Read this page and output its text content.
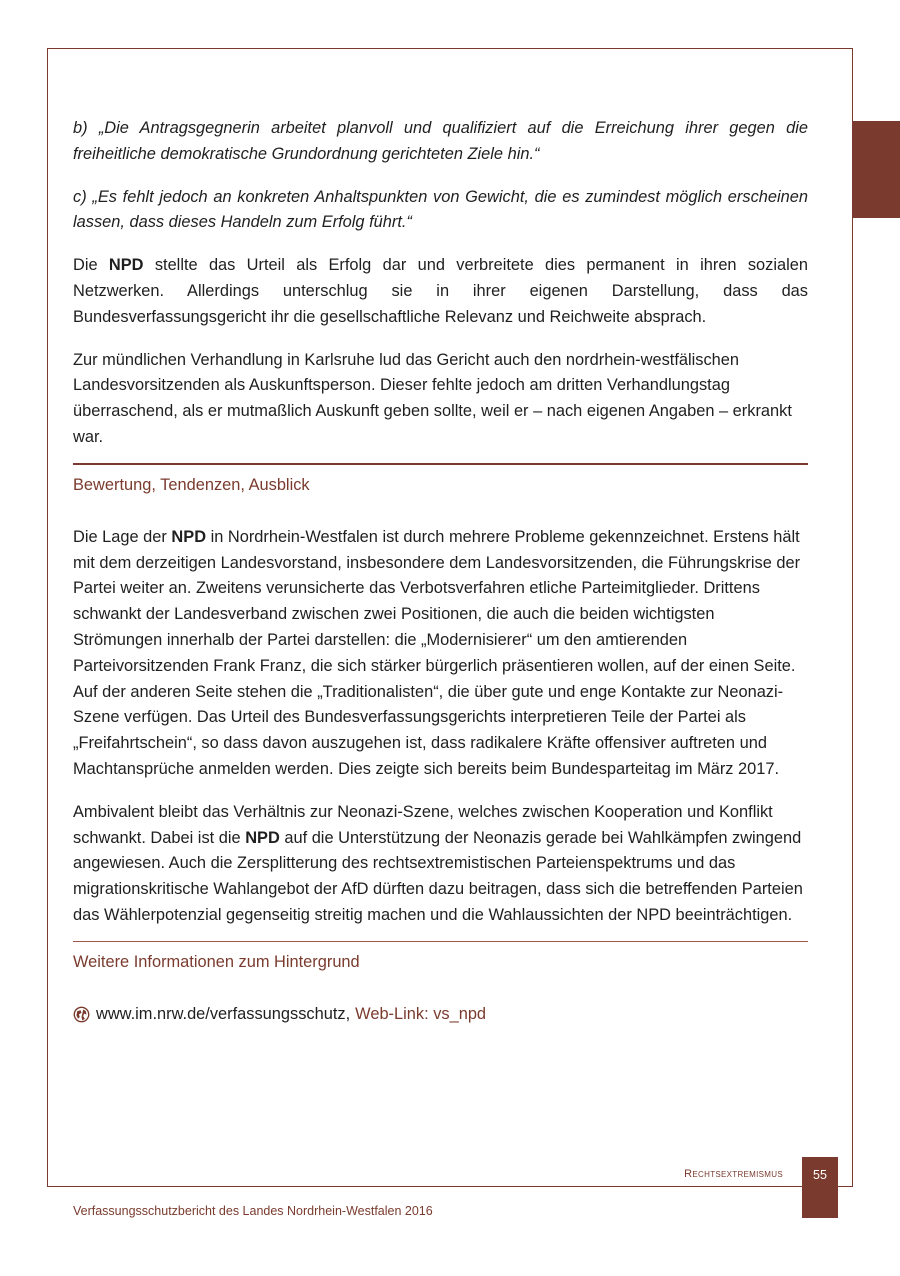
b) „Die Antragsgegnerin arbeitet planvoll und qualifiziert auf die Erreichung ihrer gegen die freiheitliche demokratische Grundordnung gerichteten Ziele hin.“

c) „Es fehlt jedoch an konkreten Anhaltspunkten von Gewicht, die es zumindest möglich erscheinen lassen, dass dieses Handeln zum Erfolg führt.“

Die NPD stellte das Urteil als Erfolg dar und verbreitete dies permanent in ihren sozialen Netzwerken. Allerdings unterschlug sie in ihrer eigenen Darstellung, dass das Bundesverfassungsgericht ihr die gesellschaftliche Relevanz und Reichweite absprach.

Zur mündlichen Verhandlung in Karlsruhe lud das Gericht auch den nordrhein-westfälischen Landesvorsitzenden als Auskunftsperson. Dieser fehlte jedoch am dritten Verhandlungstag überraschend, als er mutmaßlich Auskunft geben sollte, weil er – nach eigenen Angaben – erkrankt war.

Bewertung, Tendenzen, Ausblick

Die Lage der NPD in Nordrhein-Westfalen ist durch mehrere Probleme gekennzeichnet. Erstens hält mit dem derzeitigen Landesvorstand, insbesondere dem Landesvorsitzenden, die Führungskrise der Partei weiter an. Zweitens verunsicherte das Verbotsverfahren etliche Parteimitglieder. Drittens schwankt der Landesverband zwischen zwei Positionen, die auch die beiden wichtigsten Strömungen innerhalb der Partei darstellen: die „Modernisierer“ um den amtierenden Parteivorsitzenden Frank Franz, die sich stärker bürgerlich präsentieren wollen, auf der einen Seite. Auf der anderen Seite stehen die „Traditionalisten“, die über gute und enge Kontakte zur Neonazi-Szene verfügen. Das Urteil des Bundesverfassungsgerichts interpretieren Teile der Partei als „Freifahrtschein“, so dass davon auszugehen ist, dass radikalere Kräfte offensiver auftreten und Machtansprüche anmelden werden. Dies zeigte sich bereits beim Bundesparteitag im März 2017.

Ambivalent bleibt das Verhältnis zur Neonazi-Szene, welches zwischen Kooperation und Konflikt schwankt. Dabei ist die NPD auf die Unterstützung der Neonazis gerade bei Wahlkämpfen zwingend angewiesen. Auch die Zersplitterung des rechtsextremistischen Parteienspektrums und das migrationskritische Wahlangebot der AfD dürften dazu beitragen, dass sich die betreffenden Parteien das Wählerpotenzial gegenseitig streitig machen und die Wahlaussichten der NPD beeinträchtigen.

Weitere Informationen zum Hintergrund
www.im.nrw.de/verfassungsschutz, Web-Link: vs_npd
Rechtsextremismus	55
Verfassungsschutzbericht des Landes Nordrhein-Westfalen 2016
